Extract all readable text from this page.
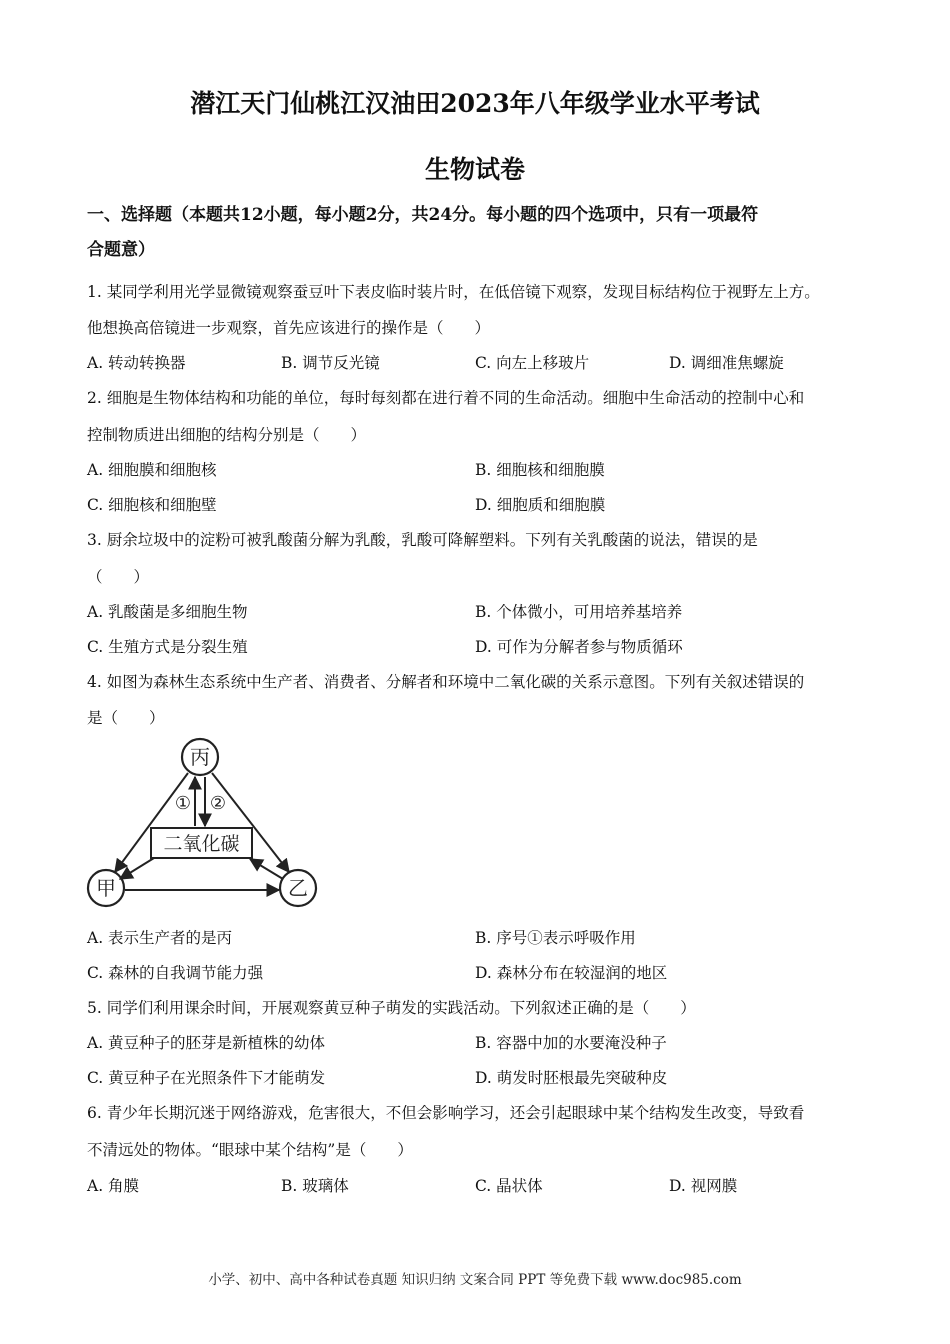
潜江天门仙桃江汉油田2023年八年级学业水平考试
生物试卷
一、选择题（本题共12小题，每小题2分，共24分。每小题的四个选项中，只有一项最符
合题意）
1. 某同学利用光学显微镜观察蚕豆叶下表皮临时装片时，在低倍镜下观察，发现目标结构位于视野左上方。
他想换高倍镜进一步观察，首先应该进行的操作是（　　）
A. 转动转换器	B. 调节反光镜	C. 向左上移玻片	D. 调细准焦螺旋
2. 细胞是生物体结构和功能的单位，每时每刻都在进行着不同的生命活动。细胞中生命活动的控制中心和
控制物质进出细胞的结构分别是（　　）
A. 细胞膜和细胞核	B. 细胞核和细胞膜
C. 细胞核和细胞壁	D. 细胞质和细胞膜
3. 厨余垃圾中的淀粉可被乳酸菌分解为乳酸，乳酸可降解塑料。下列有关乳酸菌的说法，错误的是
（　　）
A. 乳酸菌是多细胞生物	B. 个体微小，可用培养基培养
C. 生殖方式是分裂生殖	D. 可作为分解者参与物质循环
4. 如图为森林生态系统中生产者、消费者、分解者和环境中二氧化碳的关系示意图。下列有关叙述错误的
是（　　）
丙
甲	乙
二氧化碳
① ②
A. 表示生产者的是丙	B. 序号①表示呼吸作用
C. 森林的自我调节能力强	D. 森林分布在较湿润的地区
5. 同学们利用课余时间，开展观察黄豆种子萌发的实践活动。下列叙述正确的是（　　）
A. 黄豆种子的胚芽是新植株的幼体	B. 容器中加的水要淹没种子
C. 黄豆种子在光照条件下才能萌发	D. 萌发时胚根最先突破种皮
6. 青少年长期沉迷于网络游戏，危害很大，不但会影响学习，还会引起眼球中某个结构发生改变，导致看
不清远处的物体。“眼球中某个结构”是（　　）
A. 角膜	B. 玻璃体	C. 晶状体	D. 视网膜
小学、初中、高中各种试卷真题 知识归纳 文案合同 PPT 等免费下载 www.doc985.com
